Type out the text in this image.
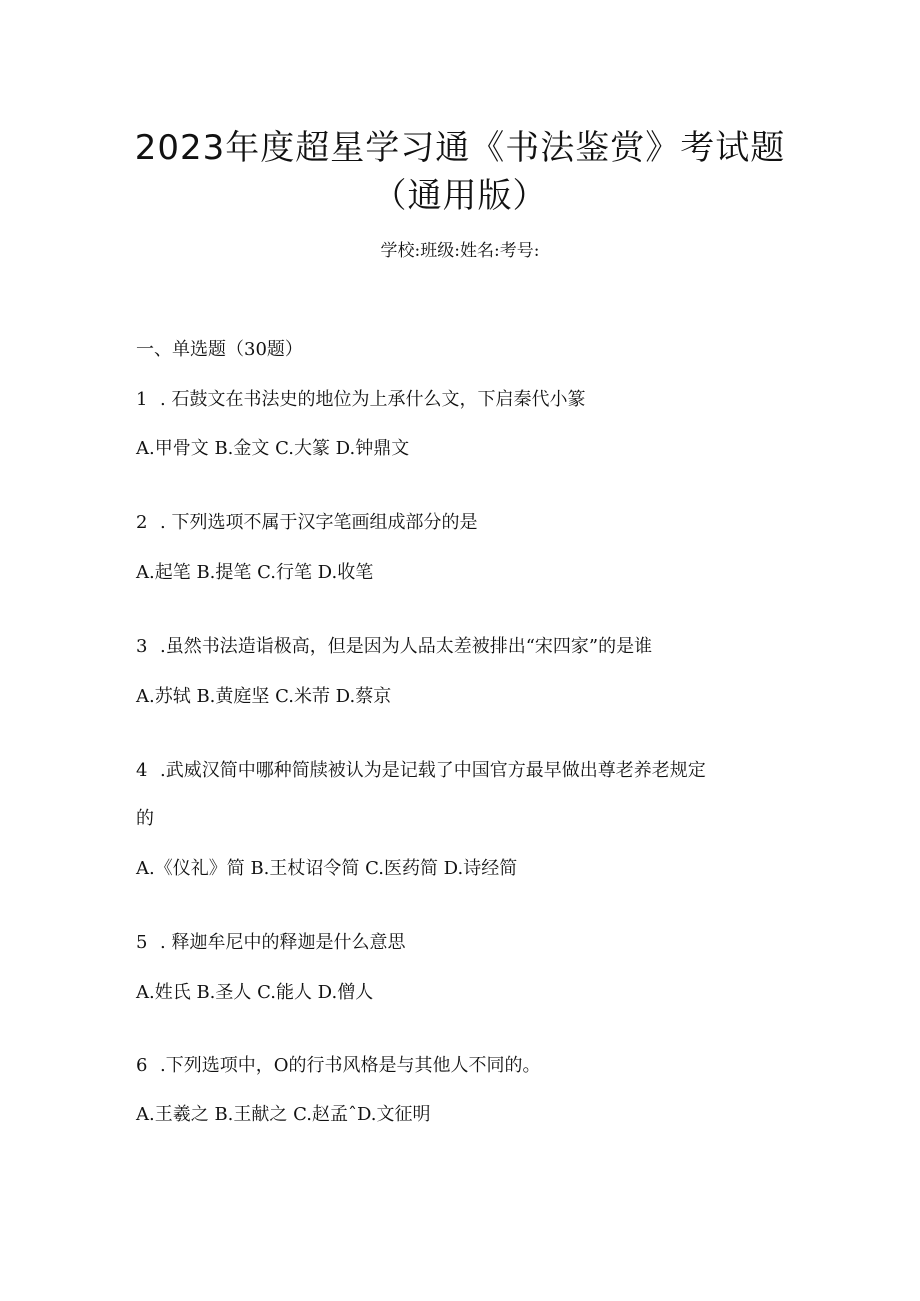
2023年度超星学习通《书法鉴赏》考试题
（通用版）
学校:班级:姓名:考号:
一、单选题（30题）
1 . 石鼓文在书法史的地位为上承什么文，下启秦代小篆
A.甲骨文 B.金文 C.大篆 D.钟鼎文
2 . 下列选项不属于汉字笔画组成部分的是
A.起笔 B.提笔 C.行笔 D.收笔
3 .虽然书法造诣极高，但是因为人品太差被排出“宋四家”的是谁
A.苏轼 B.黄庭坚 C.米芾 D.蔡京
4 .武威汉简中哪种简牍被认为是记载了中国官方最早做出尊老养老规定
的
A.《仪礼》简 B.王杖诏令简 C.医药简 D.诗经简
5 . 释迦牟尼中的释迦是什么意思
A.姓氏 B.圣人 C.能人 D.僧人
6 .下列选项中，O的行书风格是与其他人不同的。
A.王羲之 B.王献之 C.赵孟ˆD.文征明
